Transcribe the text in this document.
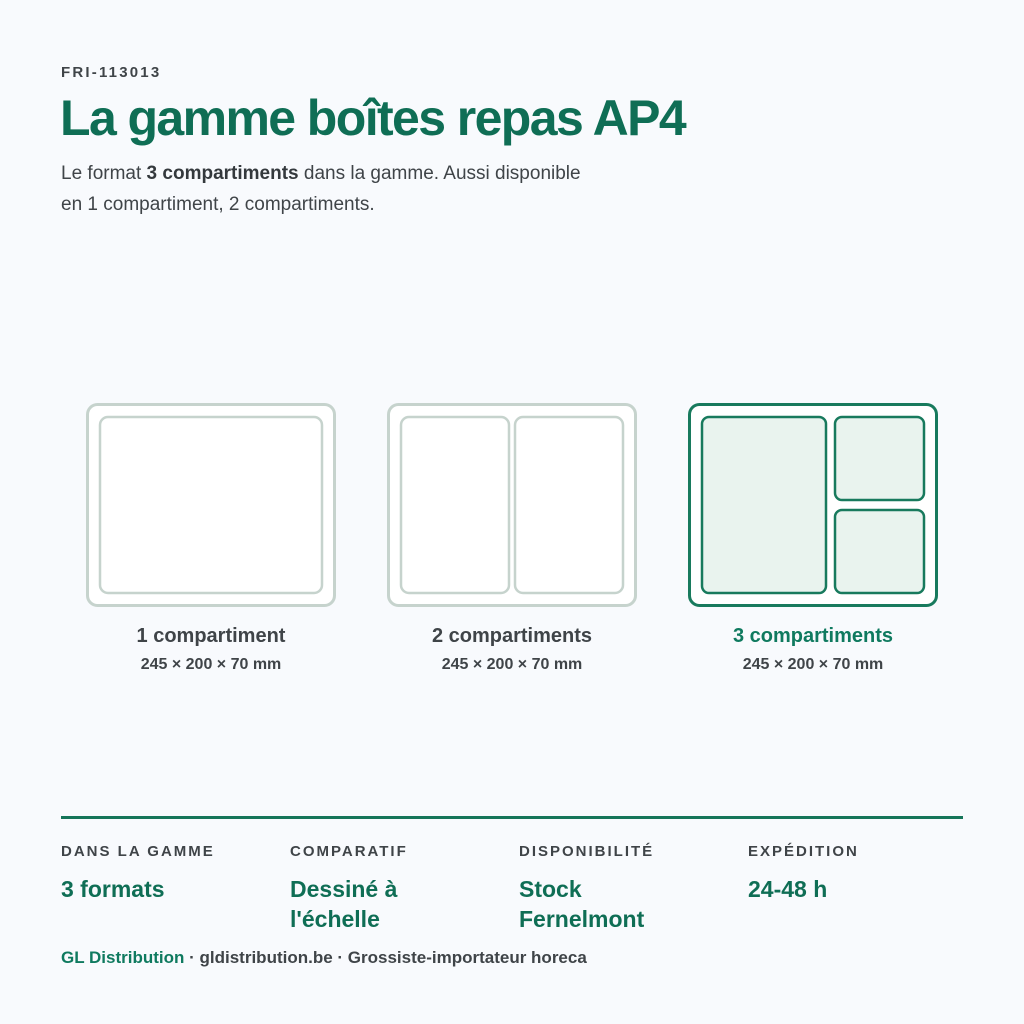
FRI-113013
La gamme boîtes repas AP4

Le format 3 compartiments dans la gamme. Aussi disponible en 1 compartiment, 2 compartiments.

1 compartiment
245 × 200 × 70 mm
2 compartiments
245 × 200 × 70 mm
3 compartiments
245 × 200 × 70 mm
DANS LA GAMME
3 formats
COMPARATIF
Dessiné à l'échelle
DISPONIBILITÉ
Stock Fernelmont
EXPÉDITION
24-48 h
GL Distribution · gldistribution.be · Grossiste-importateur horeca
